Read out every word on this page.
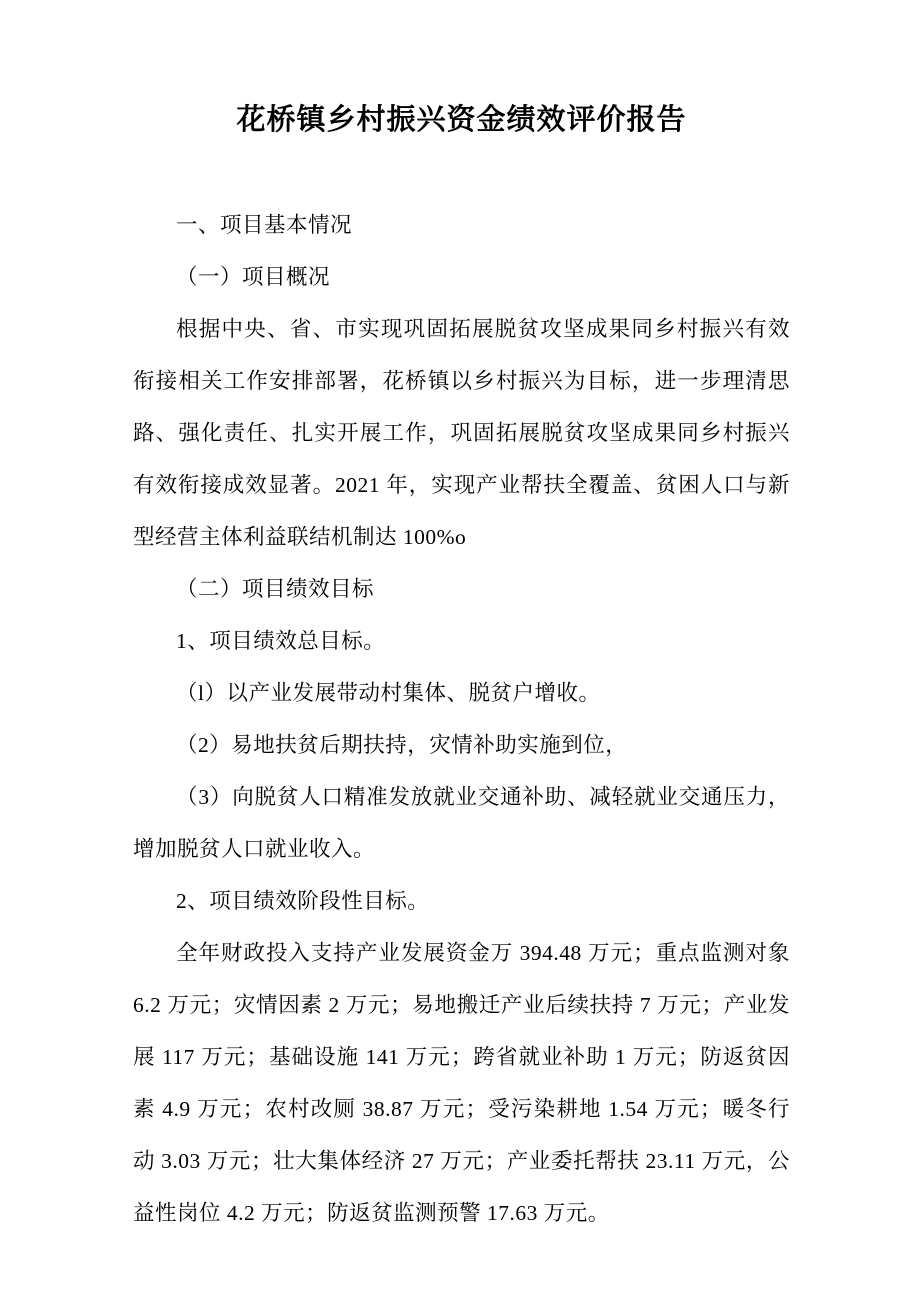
花桥镇乡村振兴资金绩效评价报告

一、项目基本情况

（一）项目概况

根据中央、省、市实现巩固拓展脱贫攻坚成果同乡村振兴有效衔接相关工作安排部署，花桥镇以乡村振兴为目标，进一步理清思路、强化责任、扎实开展工作，巩固拓展脱贫攻坚成果同乡村振兴有效衔接成效显著。2021 年，实现产业帮扶全覆盖、贫困人口与新型经营主体利益联结机制达 100%o

（二）项目绩效目标

1、项目绩效总目标。

（l）以产业发展带动村集体、脱贫户增收。

（2）易地扶贫后期扶持，灾情补助实施到位，

（3）向脱贫人口精准发放就业交通补助、减轻就业交通压力，增加脱贫人口就业收入。

2、项目绩效阶段性目标。

全年财政投入支持产业发展资金万 394.48 万元；重点监测对象 6.2 万元；灾情因素 2 万元；易地搬迁产业后续扶持 7 万元；产业发展 117 万元；基础设施 141 万元；跨省就业补助 1 万元；防返贫因素 4.9 万元；农村改厕 38.87 万元；受污染耕地 1.54 万元；暖冬行动 3.03 万元；壮大集体经济 27 万元；产业委托帮扶 23.11 万元，公益性岗位 4.2 万元；防返贫监测预警 17.63 万元。
